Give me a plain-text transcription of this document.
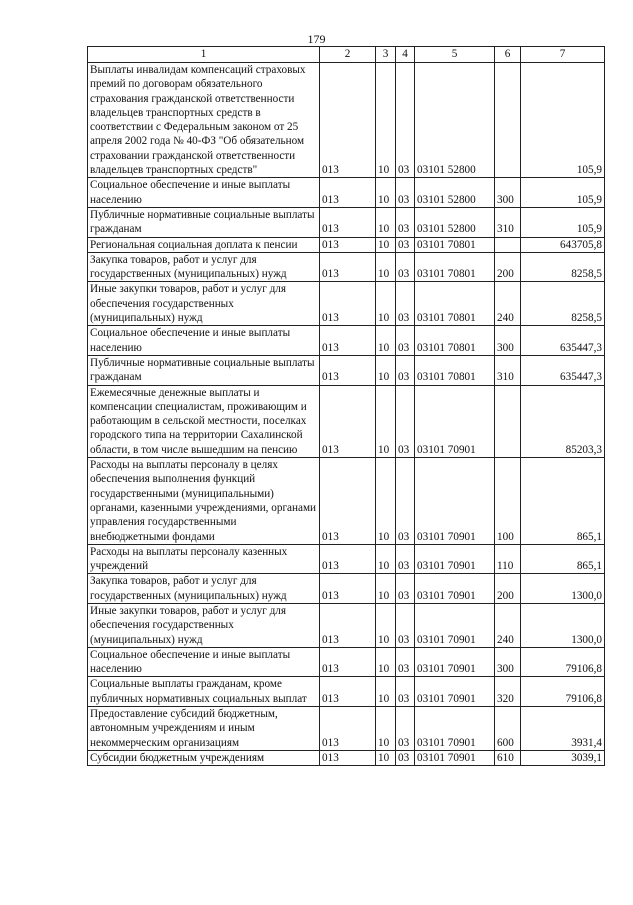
179
1	2	3	4	5	6	7
Выплаты инвалидам компенсаций страховых премий по договорам обязательного страхования гражданской ответственности владельцев транспортных средств в соответствии с Федеральным законом от 25 апреля 2002 года № 40-ФЗ "Об обязательном страховании гражданской ответственности владельцев транспортных средств"	013	10	03	03101 52800		105,9
Социальное обеспечение и иные выплаты населению	013	10	03	03101 52800	300	105,9
Публичные нормативные социальные выплаты гражданам	013	10	03	03101 52800	310	105,9
Региональная социальная доплата к пенсии	013	10	03	03101 70801		643705,8
Закупка товаров, работ и услуг для государственных (муниципальных) нужд	013	10	03	03101 70801	200	8258,5
Иные закупки товаров, работ и услуг для обеспечения государственных (муниципальных) нужд	013	10	03	03101 70801	240	8258,5
Социальное обеспечение и иные выплаты населению	013	10	03	03101 70801	300	635447,3
Публичные нормативные социальные выплаты гражданам	013	10	03	03101 70801	310	635447,3
Ежемесячные денежные выплаты и компенсации специалистам, проживающим и работающим в сельской местности, поселках городского типа на территории Сахалинской области, в том числе вышедшим на пенсию	013	10	03	03101 70901		85203,3
Расходы на выплаты персоналу в целях обеспечения выполнения функций государственными (муниципальными) органами, казенными учреждениями, органами управления государственными внебюджетными фондами	013	10	03	03101 70901	100	865,1
Расходы на выплаты персоналу казенных учреждений	013	10	03	03101 70901	110	865,1
Закупка товаров, работ и услуг для государственных (муниципальных) нужд	013	10	03	03101 70901	200	1300,0
Иные закупки товаров, работ и услуг для обеспечения государственных (муниципальных) нужд	013	10	03	03101 70901	240	1300,0
Социальное обеспечение и иные выплаты населению	013	10	03	03101 70901	300	79106,8
Социальные выплаты гражданам, кроме публичных нормативных социальных выплат	013	10	03	03101 70901	320	79106,8
Предоставление субсидий бюджетным, автономным учреждениям и иным некоммерческим организациям	013	10	03	03101 70901	600	3931,4
Субсидии бюджетным учреждениям	013	10	03	03101 70901	610	3039,1
